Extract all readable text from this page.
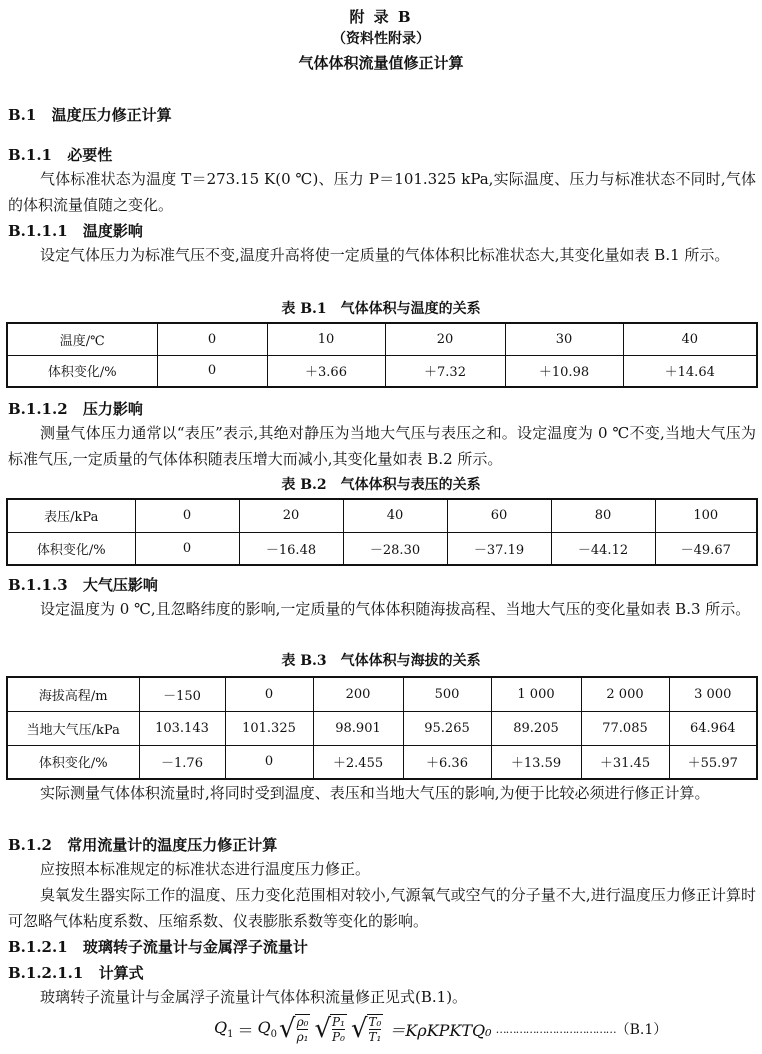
附 录 B
（资料性附录）
气体体积流量值修正计算
B.1 温度压力修正计算
B.1.1 必要性
气体标准状态为温度 T＝273.15 K(0 ℃)、压力 P＝101.325 kPa,实际温度、压力与标准状态不同时,气体的体积流量值随之变化。
B.1.1.1 温度影响
设定气体压力为标准气压不变,温度升高将使一定质量的气体体积比标准状态大,其变化量如表 B.1 所示。
表 B.1　气体体积与温度的关系
温度/℃	0	10	20	30	40
体积变化/%	0	＋3.66	＋7.32	＋10.98	＋14.64
B.1.1.2 压力影响
测量气体压力通常以“表压”表示,其绝对静压为当地大气压与表压之和。设定温度为 0 ℃不变,当地大气压为标准气压,一定质量的气体体积随表压增大而减小,其变化量如表 B.2 所示。
表 B.2　气体体积与表压的关系
表压/kPa	0	20	40	60	80	100
体积变化/%	0	－16.48	－28.30	－37.19	－44.12	－49.67
B.1.1.3 大气压影响
设定温度为 0 ℃,且忽略纬度的影响,一定质量的气体体积随海拔高程、当地大气压的变化量如表 B.3 所示。
表 B.3　气体体积与海拔的关系
海拔高程/m	－150	0	200	500	1 000	2 000	3 000
当地大气压/kPa	103.143	101.325	98.901	95.265	89.205	77.085	64.964
体积变化/%	－1.76	0	＋2.455	＋6.36	＋13.59	＋31.45	＋55.97
实际测量气体体积流量时,将同时受到温度、表压和当地大气压的影响,为便于比较必须进行修正计算。
B.1.2 常用流量计的温度压力修正计算
应按照本标准规定的标准状态进行温度压力修正。
臭氧发生器实际工作的温度、压力变化范围相对较小,气源氧气或空气的分子量不大,进行温度压力修正计算时可忽略气体粘度系数、压缩系数、仪表膨胀系数等变化的影响。
B.1.2.1 玻璃转子流量计与金属浮子流量计
B.1.2.1.1 计算式
玻璃转子流量计与金属浮子流量计气体体积流量修正见式(B.1)。
$Q_1 = Q_0$ √ $\frac{\text{ρ₀}}{\text{ρ₁}}$ √ $\frac{\text{P₁}}{\text{P₀}}$ √ $\frac{\text{T₀}}{\text{T₁}}$ ＝KρKPKTQ₀ ……………………………… （B.1）
